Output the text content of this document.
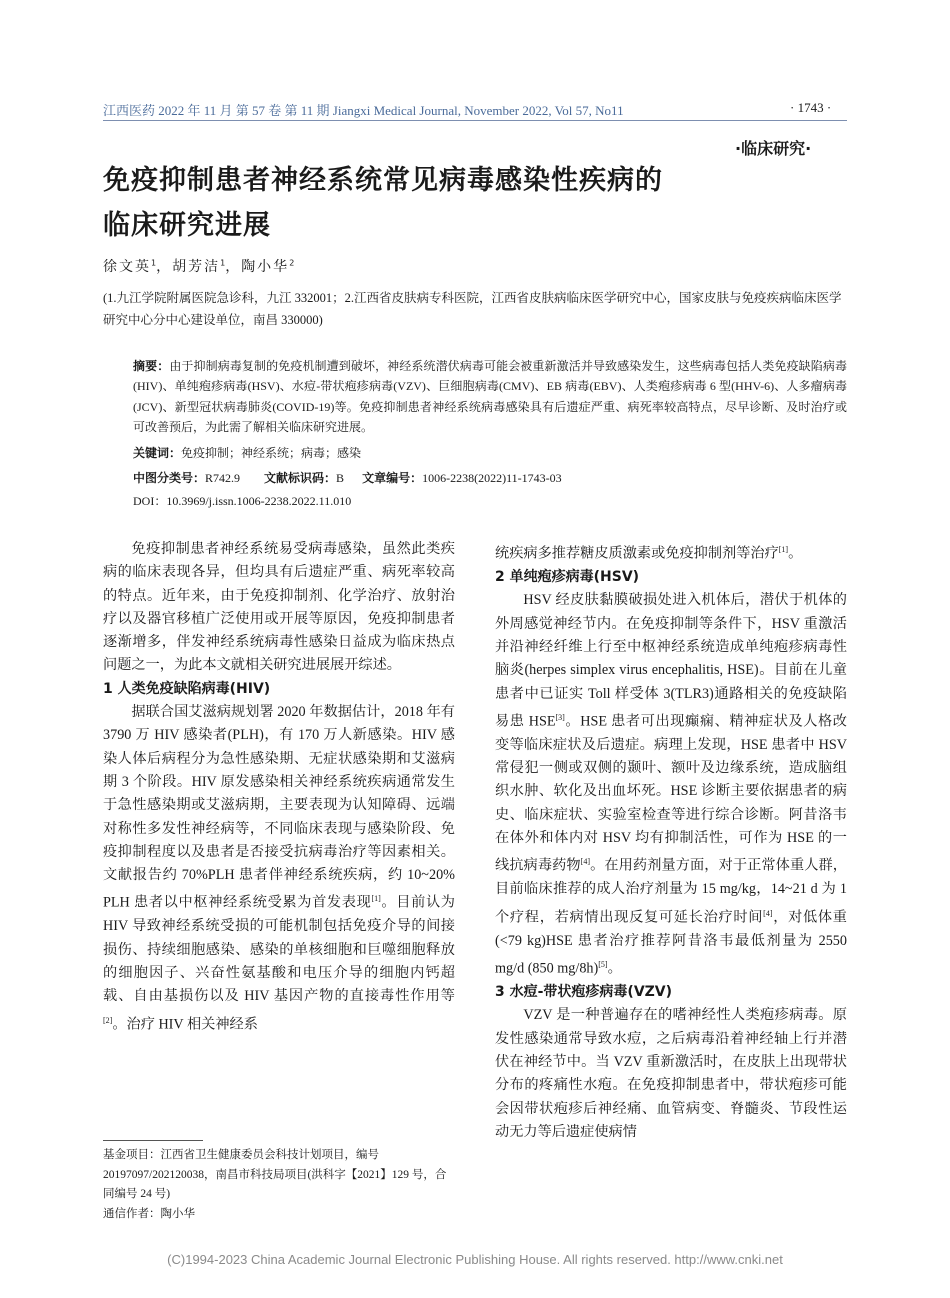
江西医药 2022 年 11 月 第 57 卷 第 11 期 Jiangxi Medical Journal, November 2022, Vol 57, No11	· 1743 ·
·临床研究·
免疫抑制患者神经系统常见病毒感染性疾病的临床研究进展
徐文英$^1$，胡芳洁$^1$，陶小华$^2$
(1.九江学院附属医院急诊科，九江 332001；2.江西省皮肤病专科医院，江西省皮肤病临床医学研究中心，国家皮肤与免疫疾病临床医学研究中心分中心建设单位，南昌 330000)
摘要：由于抑制病毒复制的免疫机制遭到破坏，神经系统潜伏病毒可能会被重新激活并导致感染发生，这些病毒包括人类免疫缺陷病毒(HIV)、单纯疱疹病毒(HSV)、水痘-带状疱疹病毒(VZV)、巨细胞病毒(CMV)、EB 病毒(EBV)、人类疱疹病毒 6 型(HHV-6)、人多瘤病毒(JCV)、新型冠状病毒肺炎(COVID-19)等。免疫抑制患者神经系统病毒感染具有后遗症严重、病死率较高特点，尽早诊断、及时治疗或可改善预后，为此需了解相关临床研究进展。
关键词：免疫抑制；神经系统；病毒；感染
中图分类号：R742.9 文献标识码：B 文章编号：1006-2238(2022)11-1743-03
DOI：10.3969/j.issn.1006-2238.2022.11.010

免疫抑制患者神经系统易受病毒感染，虽然此类疾病的临床表现各异，但均具有后遗症严重、病死率较高的特点。近年来，由于免疫抑制剂、化学治疗、放射治疗以及器官移植广泛使用或开展等原因，免疫抑制患者逐渐增多，伴发神经系统病毒性感染日益成为临床热点问题之一，为此本文就相关研究进展展开综述。

1 人类免疫缺陷病毒(HIV)

据联合国艾滋病规划署 2020 年数据估计，2018 年有 3790 万 HIV 感染者(PLH)，有 170 万人新感染。HIV 感染人体后病程分为急性感染期、无症状感染期和艾滋病期 3 个阶段。HIV 原发感染相关神经系统疾病通常发生于急性感染期或艾滋病期，主要表现为认知障碍、远端对称性多发性神经病等，不同临床表现与感染阶段、免疫抑制程度以及患者是否接受抗病毒治疗等因素相关。文献报告约 70%PLH 患者伴神经系统疾病，约 10~20% PLH 患者以中枢神经系统受累为首发表现[1]。目前认为 HIV 导致神经系统受损的可能机制包括免疫介导的间接损伤、持续细胞感染、感染的单核细胞和巨噬细胞释放的细胞因子、兴奋性氨基酸和电压介导的细胞内钙超载、自由基损伤以及 HIV 基因产物的直接毒性作用等[2]。治疗 HIV 相关神经系

基金项目：江西省卫生健康委员会科技计划项目，编号 20197097/202120038，南昌市科技局项目(洪科字【2021】129 号，合同编号 24 号)
通信作者：陶小华

统疾病多推荐糖皮质激素或免疫抑制剂等治疗[1]。

2 单纯疱疹病毒(HSV)

HSV 经皮肤黏膜破损处进入机体后，潜伏于机体的外周感觉神经节内。在免疫抑制等条件下，HSV 重激活并沿神经纤维上行至中枢神经系统造成单纯疱疹病毒性脑炎(herpes simplex virus encephalitis, HSE)。目前在儿童患者中已证实 Toll 样受体 3(TLR3)通路相关的免疫缺陷易患 HSE[3]。HSE 患者可出现癫痫、精神症状及人格改变等临床症状及后遗症。病理上发现，HSE 患者中 HSV 常侵犯一侧或双侧的颞叶、额叶及边缘系统，造成脑组织水肿、软化及出血坏死。HSE 诊断主要依据患者的病史、临床症状、实验室检查等进行综合诊断。阿昔洛韦在体外和体内对 HSV 均有抑制活性，可作为 HSE 的一线抗病毒药物[4]。在用药剂量方面，对于正常体重人群，目前临床推荐的成人治疗剂量为 15 mg/kg，14~21 d 为 1 个疗程，若病情出现反复可延长治疗时间[4]，对低体重(<79 kg)HSE 患者治疗推荐阿昔洛韦最低剂量为 2550 mg/d (850 mg/8h)[5]。

3 水痘-带状疱疹病毒(VZV)

VZV 是一种普遍存在的嗜神经性人类疱疹病毒。原发性感染通常导致水痘，之后病毒沿着神经轴上行并潜伏在神经节中。当 VZV 重新激活时，在皮肤上出现带状分布的疼痛性水疱。在免疫抑制患者中，带状疱疹可能会因带状疱疹后神经痛、血管病变、脊髓炎、节段性运动无力等后遗症使病情

(C)1994-2023 China Academic Journal Electronic Publishing House. All rights reserved. http://www.cnki.net
